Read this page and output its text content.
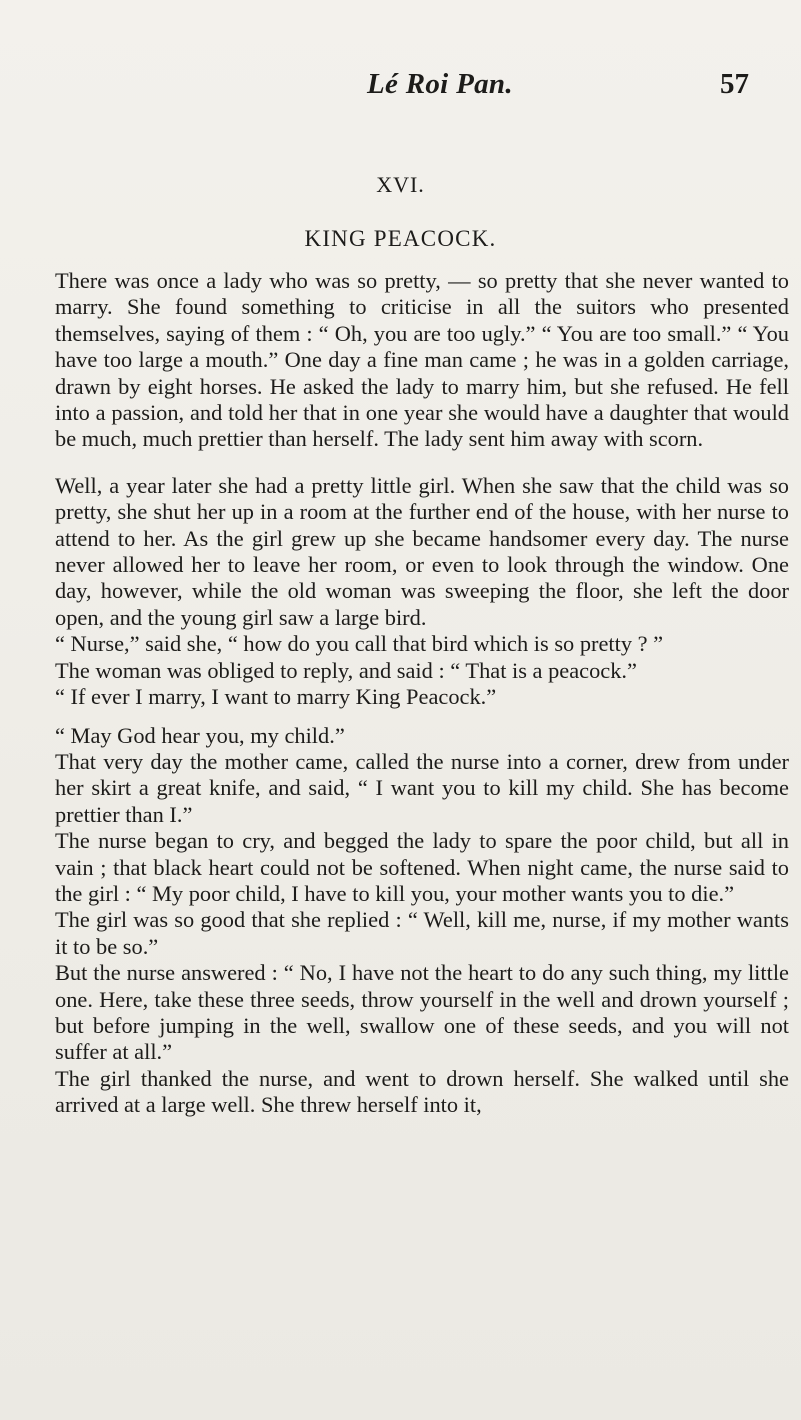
Lé Roi Pan.	57
XVI.
KING PEACOCK.

There was once a lady who was so pretty, — so pretty that she never wanted to marry. She found something to criticise in all the suitors who presented themselves, saying of them : “ Oh, you are too ugly.” “ You are too small.” “ You have too large a mouth.” One day a fine man came ; he was in a golden carriage, drawn by eight horses. He asked the lady to marry him, but she refused. He fell into a passion, and told her that in one year she would have a daughter that would be much, much prettier than herself. The lady sent him away with scorn.

Well, a year later she had a pretty little girl. When she saw that the child was so pretty, she shut her up in a room at the further end of the house, with her nurse to attend to her. As the girl grew up she became handsomer every day. The nurse never allowed her to leave her room, or even to look through the window. One day, however, while the old woman was sweeping the floor, she left the door open, and the young girl saw a large bird.

“ Nurse,” said she, “ how do you call that bird which is so pretty ? ”

The woman was obliged to reply, and said : “ That is a peacock.”

“ If ever I marry, I want to marry King Peacock.”

“ May God hear you, my child.”

That very day the mother came, called the nurse into a corner, drew from under her skirt a great knife, and said, “ I want you to kill my child. She has become prettier than I.”

The nurse began to cry, and begged the lady to spare the poor child, but all in vain ; that black heart could not be softened. When night came, the nurse said to the girl : “ My poor child, I have to kill you, your mother wants you to die.”

The girl was so good that she replied : “ Well, kill me, nurse, if my mother wants it to be so.”

But the nurse answered : “ No, I have not the heart to do any such thing, my little one. Here, take these three seeds, throw yourself in the well and drown yourself ; but before jumping in the well, swallow one of these seeds, and you will not suffer at all.”

The girl thanked the nurse, and went to drown herself. She walked until she arrived at a large well. She threw herself into it,
